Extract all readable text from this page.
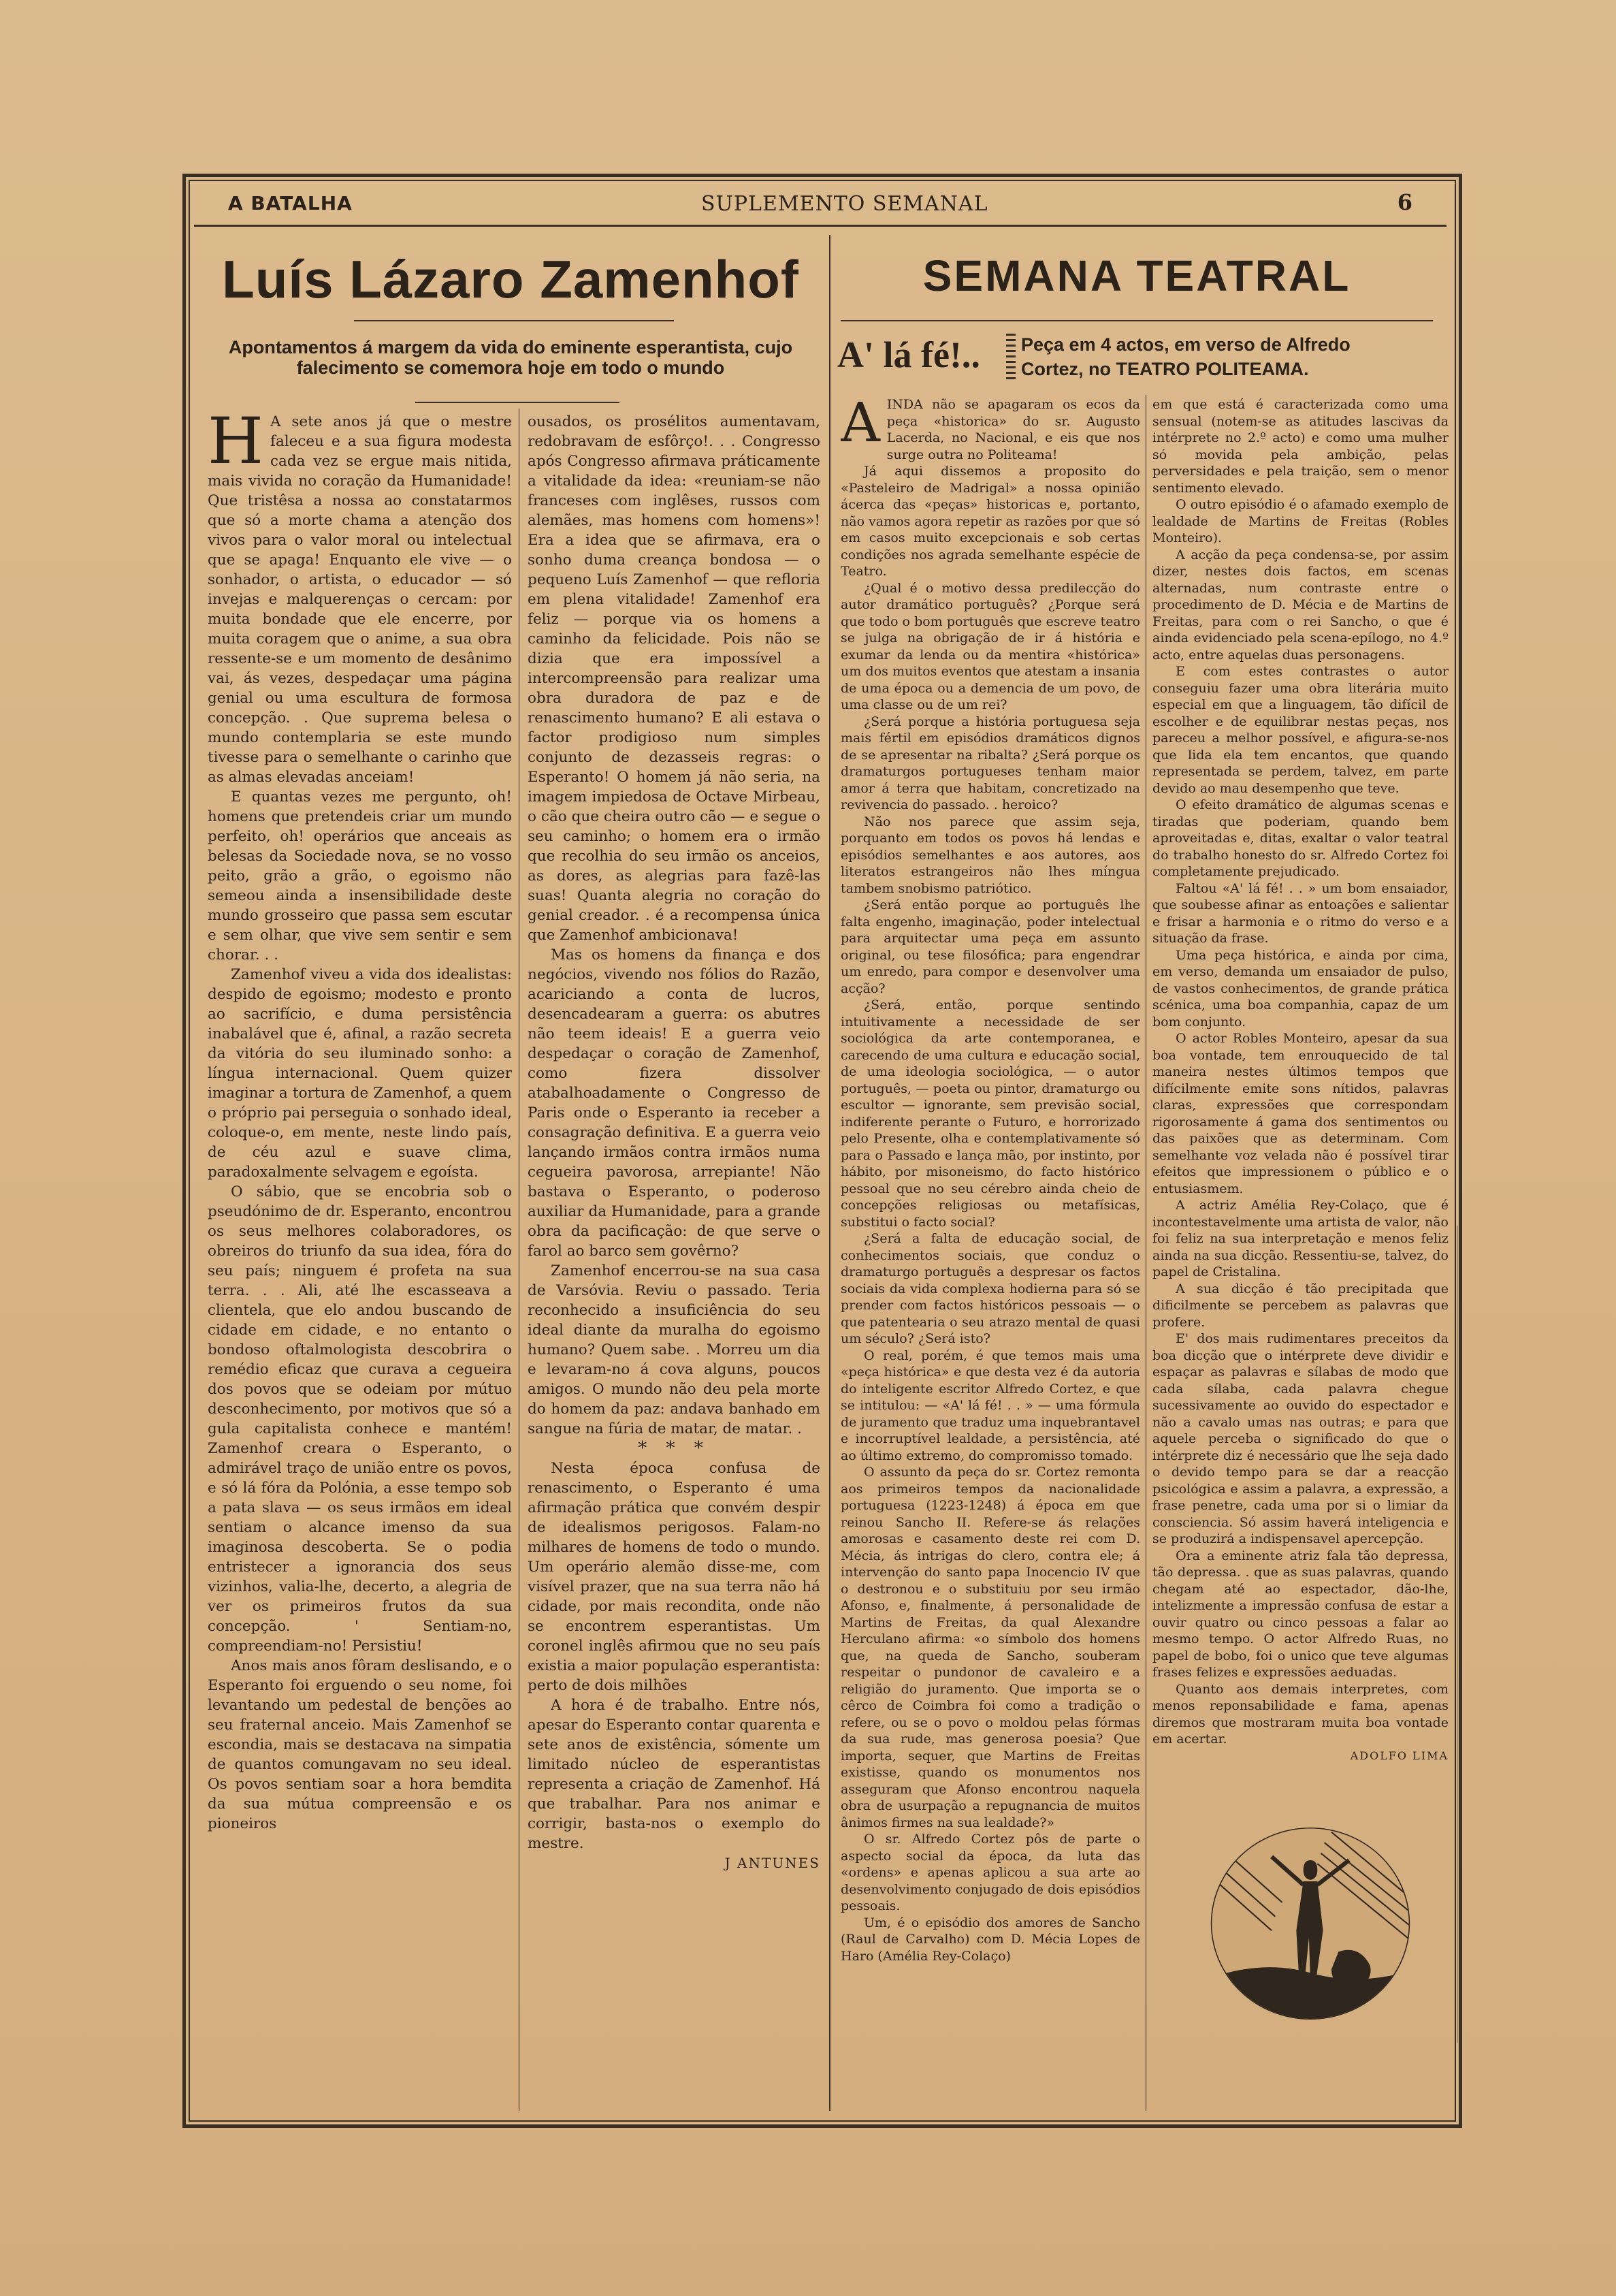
A BATALHA	SUPLEMENTO SEMANAL	6
Luís Lázaro Zamenhof
Apontamentos á margem da vida do eminente esperantista, cujo falecimento se comemora hoje em todo o mundo
H A sete anos já que o mestre faleceu e a sua figura modesta cada vez se ergue mais nitida, mais vivida no coração da Humanidade! Que tristêsa a nossa ao constatarmos que só a morte chama a atenção dos vivos para o valor moral ou intelectual que se apaga! Enquanto ele vive — o sonhador, o artista, o educador — só invejas e malquerenças o cercam: por muita bondade que ele encerre, por muita coragem que o anime, a sua obra ressente-se e um momento de desânimo vai, ás vezes, despedaçar uma página genial ou uma escultura de formosa concepção. . Que suprema belesa o mundo contemplaria se este mundo tivesse para o semelhante o carinho que as almas elevadas anceiam!

E quantas vezes me pergunto, oh! homens que pretendeis criar um mundo perfeito, oh! operários que anceais as belesas da Sociedade nova, se no vosso peito, grão a grão, o egoismo não semeou ainda a insensibilidade deste mundo grosseiro que passa sem escutar e sem olhar, que vive sem sentir e sem chorar. . .

Zamenhof viveu a vida dos idealistas: despido de egoismo; modesto e pronto ao sacrifício, e duma persistência inabalável que é, afinal, a razão secreta da vitória do seu iluminado sonho: a língua internacional. Quem quizer imaginar a tortura de Zamenhof, a quem o próprio pai perseguia o sonhado ideal, coloque-o, em mente, neste lindo país, de céu azul e suave clima, paradoxalmente selvagem e egoísta.

O sábio, que se encobria sob o pseudónimo de dr. Esperanto, encontrou os seus melhores colaboradores, os obreiros do triunfo da sua idea, fóra do seu país; ninguem é profeta na sua terra. . . Ali, até lhe escasseava a clientela, que elo andou buscando de cidade em cidade, e no entanto o bondoso oftalmologista descobrira o remédio eficaz que curava a cegueira dos povos que se odeiam por mútuo desconhecimento, por motivos que só a gula capitalista conhece e mantém! Zamenhof creara o Esperanto, o admirável traço de união entre os povos, e só lá fóra da Polónia, a esse tempo sob a pata slava — os seus irmãos em ideal sentiam o alcance imenso da sua imaginosa descoberta. Se o podia entristecer a ignorancia dos seus vizinhos, valia-lhe, decerto, a alegria de ver os primeiros frutos da sua concepção. ' Sentiam-no, compreendiam-no! Persistiu!

Anos mais anos fôram deslisando, e o Esperanto foi erguendo o seu nome, foi levantando um pedestal de benções ao seu fraternal anceio. Mais Zamenhof se escondia, mais se destacava na simpatia de quantos comungavam no seu ideal. Os povos sentiam soar a hora bemdita da sua mútua compreensão e os pioneiros

ousados, os prosélitos aumentavam, redobravam de esfôrço!. . . Congresso após Congresso afirmava práticamente a vitalidade da idea: «reuniam-se não franceses com inglêses, russos com alemães, mas homens com homens»! Era a idea que se afirmava, era o sonho duma creança bondosa — o pequeno Luís Zamenhof — que refloria em plena vitalidade! Zamenhof era feliz — porque via os homens a caminho da felicidade. Pois não se dizia que era impossível a intercompreensão para realizar uma obra duradora de paz e de renascimento humano? E ali estava o factor prodigioso num simples conjunto de dezasseis regras: o Esperanto! O homem já não seria, na imagem impiedosa de Octave Mirbeau, o cão que cheira outro cão — e segue o seu caminho; o homem era o irmão que recolhia do seu irmão os anceios, as dores, as alegrias para fazê-las suas! Quanta alegria no coração do genial creador. . é a recompensa única que Zamenhof ambicionava!

Mas os homens da finança e dos negócios, vivendo nos fólios do Razão, acariciando a conta de lucros, desencadearam a guerra: os abutres não teem ideais! E a guerra veio despedaçar o coração de Zamenhof, como fizera dissolver atabalhoadamente o Congresso de Paris onde o Esperanto ia receber a consagração definitiva. E a guerra veio lançando irmãos contra irmãos numa cegueira pavorosa, arrepiante! Não bastava o Esperanto, o poderoso auxiliar da Humanidade, para a grande obra da pacificação: de que serve o farol ao barco sem govêrno?

Zamenhof encerrou-se na sua casa de Varsóvia. Reviu o passado. Teria reconhecido a insuficiência do seu ideal diante da muralha do egoismo humano? Quem sabe. . Morreu um dia e levaram-no á cova alguns, poucos amigos. O mundo não deu pela morte do homem da paz: andava banhado em sangue na fúria de matar, de matar. .

* * *

Nesta época confusa de renascimento, o Esperanto é uma afirmação prática que convém despir de idealismos perigosos. Falam-no milhares de homens de todo o mundo. Um operário alemão disse-me, com visível prazer, que na sua terra não há cidade, por mais recondita, onde não se encontrem esperantistas. Um coronel inglês afirmou que no seu país existia a maior população esperantista: perto de dois milhões

A hora é de trabalho. Entre nós, apesar do Esperanto contar quarenta e sete anos de existência, sómente um limitado núcleo de esperantistas representa a criação de Zamenhof. Há que trabalhar. Para nos animar e corrigir, basta-nos o exemplo do mestre.

J ANTUNES

SEMANA TEATRAL
A' lá fé!.. Peça em 4 actos, em verso de Alfredo
Cortez, no TEATRO POLITEAMA.
A INDA não se apagaram os ecos da peça «historica» do sr. Augusto Lacerda, no Nacional, e eis que nos surge outra no Politeama!

Já aqui dissemos a proposito do «Pasteleiro de Madrigal» a nossa opinião ácerca das «peças» historicas e, portanto, não vamos agora repetir as razões por que só em casos muito excepcionais e sob certas condições nos agrada semelhante espécie de Teatro.

¿Qual é o motivo dessa predilecção do autor dramático português? ¿Porque será que todo o bom português que escreve teatro se julga na obrigação de ir á história e exumar da lenda ou da mentira «histórica» um dos muitos eventos que atestam a insania de uma época ou a demencia de um povo, de uma classe ou de um rei?

¿Será porque a história portuguesa seja mais fértil em episódios dramáticos dignos de se apresentar na ribalta? ¿Será porque os dramaturgos portugueses tenham maior amor á terra que habitam, concretizado na revivencia do passado. . heroico?

Não nos parece que assim seja, porquanto em todos os povos há lendas e episódios semelhantes e aos autores, aos literatos estrangeiros não lhes míngua tambem snobismo patriótico.

¿Será então porque ao português lhe falta engenho, imaginação, poder intelectual para arquitectar uma peça em assunto original, ou tese filosófica; para engendrar um enredo, para compor e desenvolver uma acção?

¿Será, então, porque sentindo intuitivamente a necessidade de ser sociológica da arte contemporanea, e carecendo de uma cultura e educação social, de uma ideologia sociológica, — o autor português, — poeta ou pintor, dramaturgo ou escultor — ignorante, sem previsão social, indiferente perante o Futuro, e horrorizado pelo Presente, olha e contemplativamente só para o Passado e lança mão, por instinto, por hábito, por misoneismo, do facto histórico pessoal que no seu cérebro ainda cheio de concepções religiosas ou metafísicas, substitui o facto social?

¿Será a falta de educação social, de conhecimentos sociais, que conduz o dramaturgo português a despresar os factos sociais da vida complexa hodierna para só se prender com factos históricos pessoais — o que patentearia o seu atrazo mental de quasi um século? ¿Será isto?

O real, porém, é que temos mais uma «peça histórica» e que desta vez é da autoria do inteligente escritor Alfredo Cortez, e que se intitulou: — «A' lá fé! . . » — uma fórmula de juramento que traduz uma inquebrantavel e incorruptível lealdade, a persistência, até ao último extremo, do compromisso tomado.

O assunto da peça do sr. Cortez remonta aos primeiros tempos da nacionalidade portuguesa (1223-1248) á época em que reinou Sancho II. Refere-se ás relações amorosas e casamento deste rei com D. Mécia, ás intrigas do clero, contra ele; á intervenção do santo papa Inocencio IV que o destronou e o substituiu por seu irmão Afonso, e, finalmente, á personalidade de Martins de Freitas, da qual Alexandre Herculano afirma: «o símbolo dos homens que, na queda de Sancho, souberam respeitar o pundonor de cavaleiro e a religião do juramento. Que importa se o cêrco de Coimbra foi como a tradição o refere, ou se o povo o moldou pelas fórmas da sua rude, mas generosa poesia? Que importa, sequer, que Martins de Freitas existisse, quando os monumentos nos asseguram que Afonso encontrou naquela obra de usurpação a repugnancia de muitos ânimos firmes na sua lealdade?»

O sr. Alfredo Cortez pôs de parte o aspecto social da época, da luta das «ordens» e apenas aplicou a sua arte ao desenvolvimento conjugado de dois episódios pessoais.

Um, é o episódio dos amores de Sancho (Raul de Carvalho) com D. Mécia Lopes de Haro (Amélia Rey-Colaço)

em que está é caracterizada como uma sensual (notem-se as atitudes lascivas da intérprete no 2.º acto) e como uma mulher só movida pela ambição, pelas perversidades e pela traição, sem o menor sentimento elevado.

O outro episódio é o afamado exemplo de lealdade de Martins de Freitas (Robles Monteiro).

A acção da peça condensa-se, por assim dizer, nestes dois factos, em scenas alternadas, num contraste entre o procedimento de D. Mécia e de Martins de Freitas, para com o rei Sancho, o que é ainda evidenciado pela scena-epílogo, no 4.º acto, entre aquelas duas personagens.

E com estes contrastes o autor conseguiu fazer uma obra literária muito especial em que a linguagem, tão difícil de escolher e de equilibrar nestas peças, nos pareceu a melhor possível, e afigura-se-nos que lida ela tem encantos, que quando representada se perdem, talvez, em parte devido ao mau desempenho que teve.

O efeito dramático de algumas scenas e tiradas que poderiam, quando bem aproveitadas e, ditas, exaltar o valor teatral do trabalho honesto do sr. Alfredo Cortez foi completamente prejudicado.

Faltou «A' lá fé! . . » um bom ensaiador, que soubesse afinar as entoações e salientar e frisar a harmonia e o ritmo do verso e a situação da frase.

Uma peça histórica, e ainda por cima, em verso, demanda um ensaiador de pulso, de vastos conhecimentos, de grande prática scénica, uma boa companhia, capaz de um bom conjunto.

O actor Robles Monteiro, apesar da sua boa vontade, tem enrouquecido de tal maneira nestes últimos tempos que difícilmente emite sons nítidos, palavras claras, expressões que correspondam rigorosamente á gama dos sentimentos ou das paixões que as determinam. Com semelhante voz velada não é possível tirar efeitos que impressionem o público e o entusiasmem.

A actriz Amélia Rey-Colaço, que é incontestavelmente uma artista de valor, não foi feliz na sua interpretação e menos feliz ainda na sua dicção. Ressentiu-se, talvez, do papel de Cristalina.

A sua dicção é tão precipitada que dificilmente se percebem as palavras que profere.

E' dos mais rudimentares preceitos da boa dicção que o intérprete deve dividir e espaçar as palavras e sílabas de modo que cada sílaba, cada palavra chegue sucessivamente ao ouvido do espectador e não a cavalo umas nas outras; e para que aquele perceba o significado do que o intérprete diz é necessário que lhe seja dado o devido tempo para se dar a reacção psicológica e assim a palavra, a expressão, a frase penetre, cada uma por si o limiar da consciencia. Só assim haverá inteligencia e se produzirá a indispensavel apercepção.

Ora a eminente atriz fala tão depressa, tão depressa. . que as suas palavras, quando chegam até ao espectador, dão-lhe, intelizmente a impressão confusa de estar a ouvir quatro ou cinco pessoas a falar ao mesmo tempo. O actor Alfredo Ruas, no papel de bobo, foi o unico que teve algumas frases felizes e expressões aeduadas.

Quanto aos demais interpretes, com menos reponsabilidade e fama, apenas diremos que mostraram muita boa vontade em acertar.

ADOLFO LIMA
